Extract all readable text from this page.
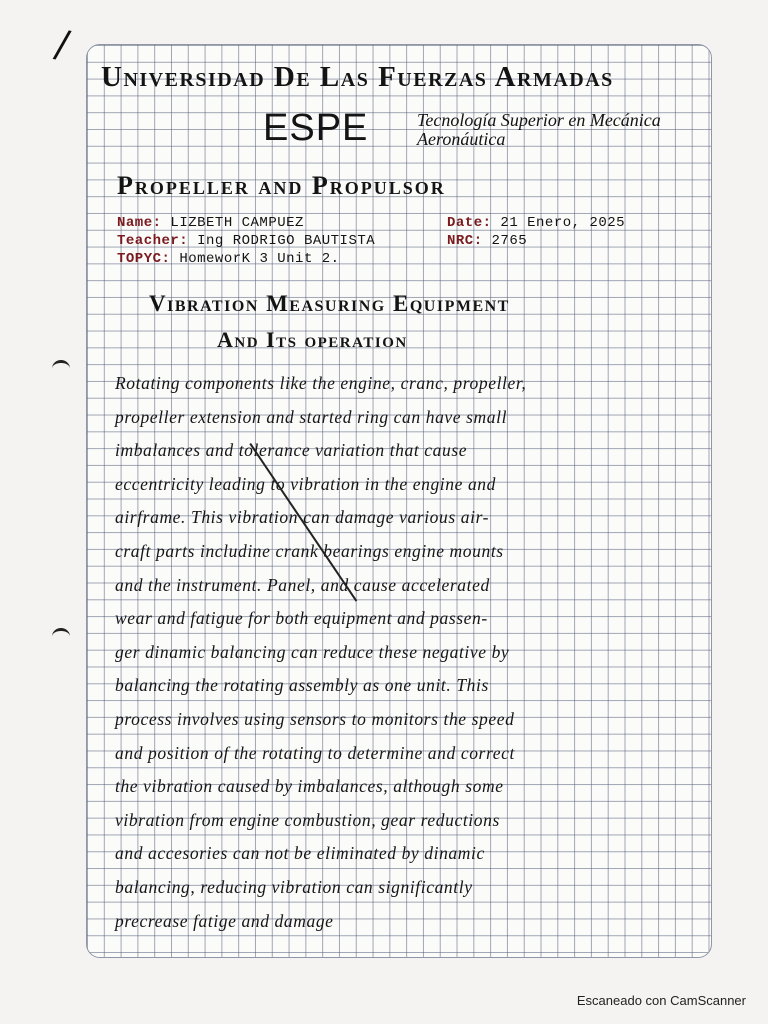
/
Universidad De Las Fuerzas Armadas
ESPE	Tecnología Superior en Mecánica Aeronáutica
Propeller and Propulsor
Name: LIZBETH CAMPUEZ	Date: 21 Enero, 2025
Teacher: Ing RODRIGO BAUTISTA	NRC: 2765
TOPYC: HomeworK 3 Unit 2.
Vibration Measuring Equipment
And Its operation
Rotating components like the engine, cranc, propeller,
propeller extension and started ring can have small
imbalances and tolerance variation that cause
eccentricity leading to vibration in the engine and
airframe. This vibration can damage various air-
craft parts includine crank bearings engine mounts
and the instrument. Panel, and cause accelerated
wear and fatigue for both equipment and passen-
ger dinamic balancing can reduce these negative by
balancing the rotating assembly as one unit. This
process involves using sensors to monitors the speed
and position of the rotating to determine and correct
the vibration caused by imbalances, although some
vibration from engine combustion, gear reductions
and accesories can not be eliminated by dinamic
balancing, reducing vibration can significantly
precrease fatige and damage
Escaneado con CamScanner
